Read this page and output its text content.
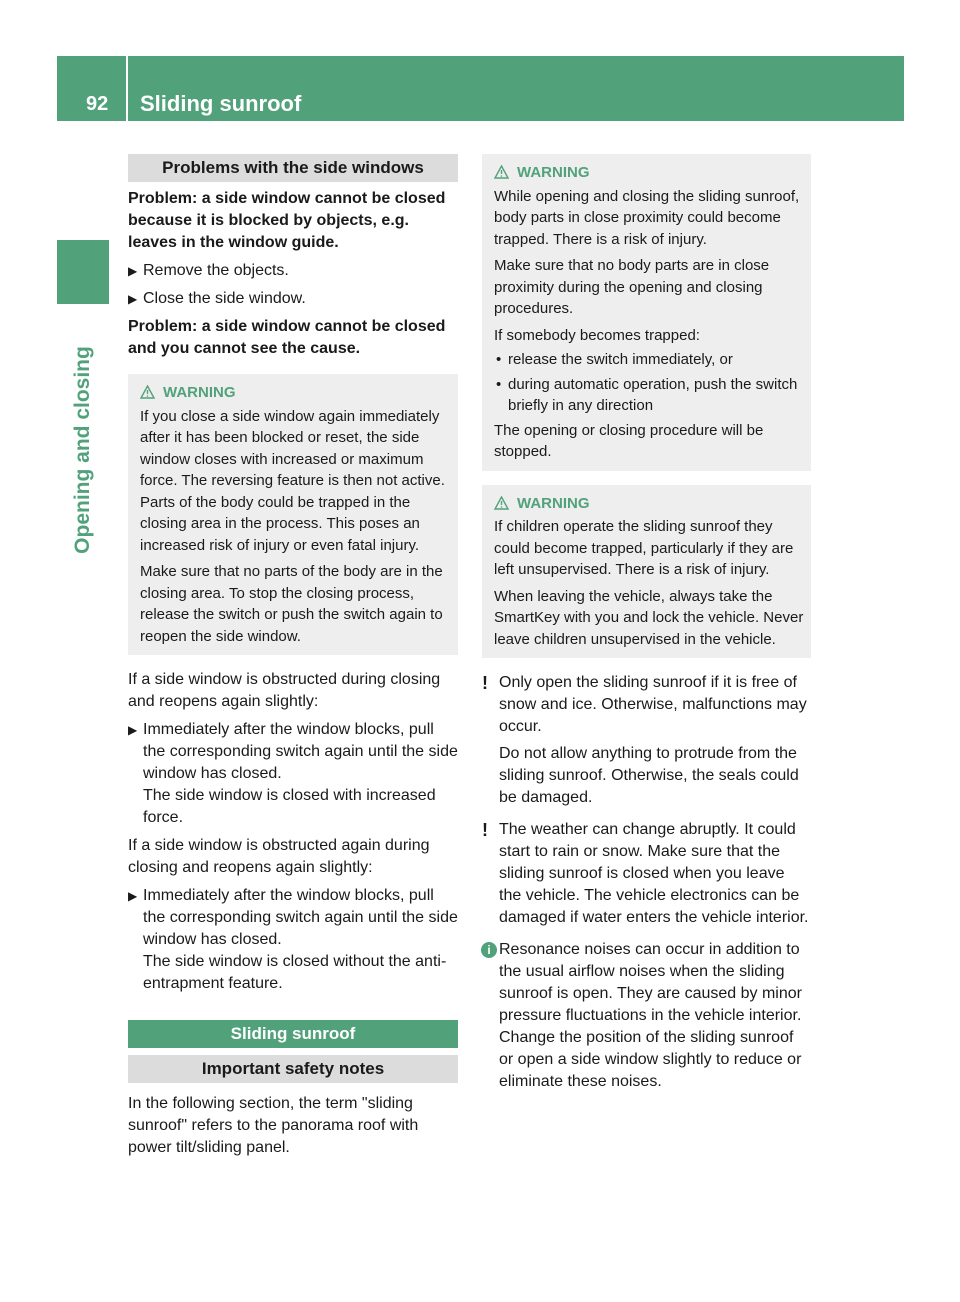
92 Sliding sunroof
Opening and closing
Problems with the side windows

Problem: a side window cannot be closed because it is blocked by objects, e.g. leaves in the window guide.

▶ Remove the objects.
▶ Close the side window.

Problem: a side window cannot be closed and you cannot see the cause.

WARNING

If you close a side window again immediately after it has been blocked or reset, the side window closes with increased or maximum force. The reversing feature is then not active. Parts of the body could be trapped in the closing area in the process. This poses an increased risk of injury or even fatal injury.

Make sure that no parts of the body are in the closing area. To stop the closing process, release the switch or push the switch again to reopen the side window.

If a side window is obstructed during closing and reopens again slightly:

▶ Immediately after the window blocks, pull the corresponding switch again until the side window has closed.
The side window is closed with increased force.

If a side window is obstructed again during closing and reopens again slightly:

▶ Immediately after the window blocks, pull the corresponding switch again until the side window has closed.
The side window is closed without the anti-entrapment feature.
Sliding sunroof
Important safety notes

In the following section, the term "sliding sunroof" refers to the panorama roof with power tilt/sliding panel.

WARNING

While opening and closing the sliding sunroof, body parts in close proximity could become trapped. There is a risk of injury.

Make sure that no body parts are in close proximity during the opening and closing procedures.

If somebody becomes trapped:

• release the switch immediately, or
• during automatic operation, push the switch briefly in any direction

The opening or closing procedure will be stopped.

WARNING

If children operate the sliding sunroof they could become trapped, particularly if they are left unsupervised. There is a risk of injury.

When leaving the vehicle, always take the SmartKey with you and lock the vehicle. Never leave children unsupervised in the vehicle.

! Only open the sliding sunroof if it is free of snow and ice. Otherwise, malfunctions may occur.

Do not allow anything to protrude from the sliding sunroof. Otherwise, the seals could be damaged.

! The weather can change abruptly. It could start to rain or snow. Make sure that the sliding sunroof is closed when you leave the vehicle. The vehicle electronics can be damaged if water enters the vehicle interior.

i Resonance noises can occur in addition to the usual airflow noises when the sliding sunroof is open. They are caused by minor pressure fluctuations in the vehicle interior.

Change the position of the sliding sunroof or open a side window slightly to reduce or eliminate these noises.
